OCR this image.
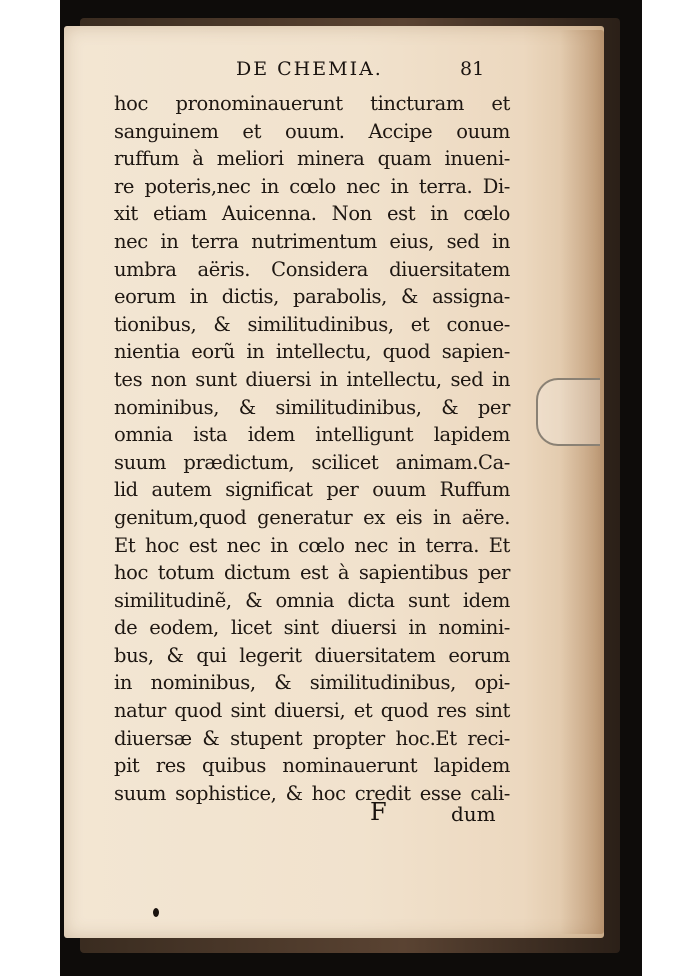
DE CHEMIA.	81
hoc pronominauerunt tincturam et
sanguinem et ouum. Accipe ouum
ruffum à meliori minera quam inueni-
re poteris,nec in cœlo nec in terra. Di-
xit etiam Auicenna. Non est in cœlo
nec in terra nutrimentum eius, sed in
umbra aëris. Considera diuersitatem
eorum in dictis, parabolis, & assigna-
tionibus, & similitudinibus, et conue-
nientia eorũ in intellectu, quod sapien-
tes non sunt diuersi in intellectu, sed in
nominibus, & similitudinibus, & per
omnia ista idem intelligunt lapidem
suum prædictum, scilicet animam.Ca-
lid autem significat per ouum Ruffum
genitum,quod generatur ex eis in aëre.
Et hoc est nec in cœlo nec in terra. Et
hoc totum dictum est à sapientibus per
similitudinẽ, & omnia dicta sunt idem
de eodem, licet sint diuersi in nomini-
bus, & qui legerit diuersitatem eorum
in nominibus, & similitudinibus, opi-
natur quod sint diuersi, et quod res sint
diuersæ & stupent propter hoc.Et reci-
pit res quibus nominauerunt lapidem
suum sophistice, & hoc credit esse cali-
F	dum
